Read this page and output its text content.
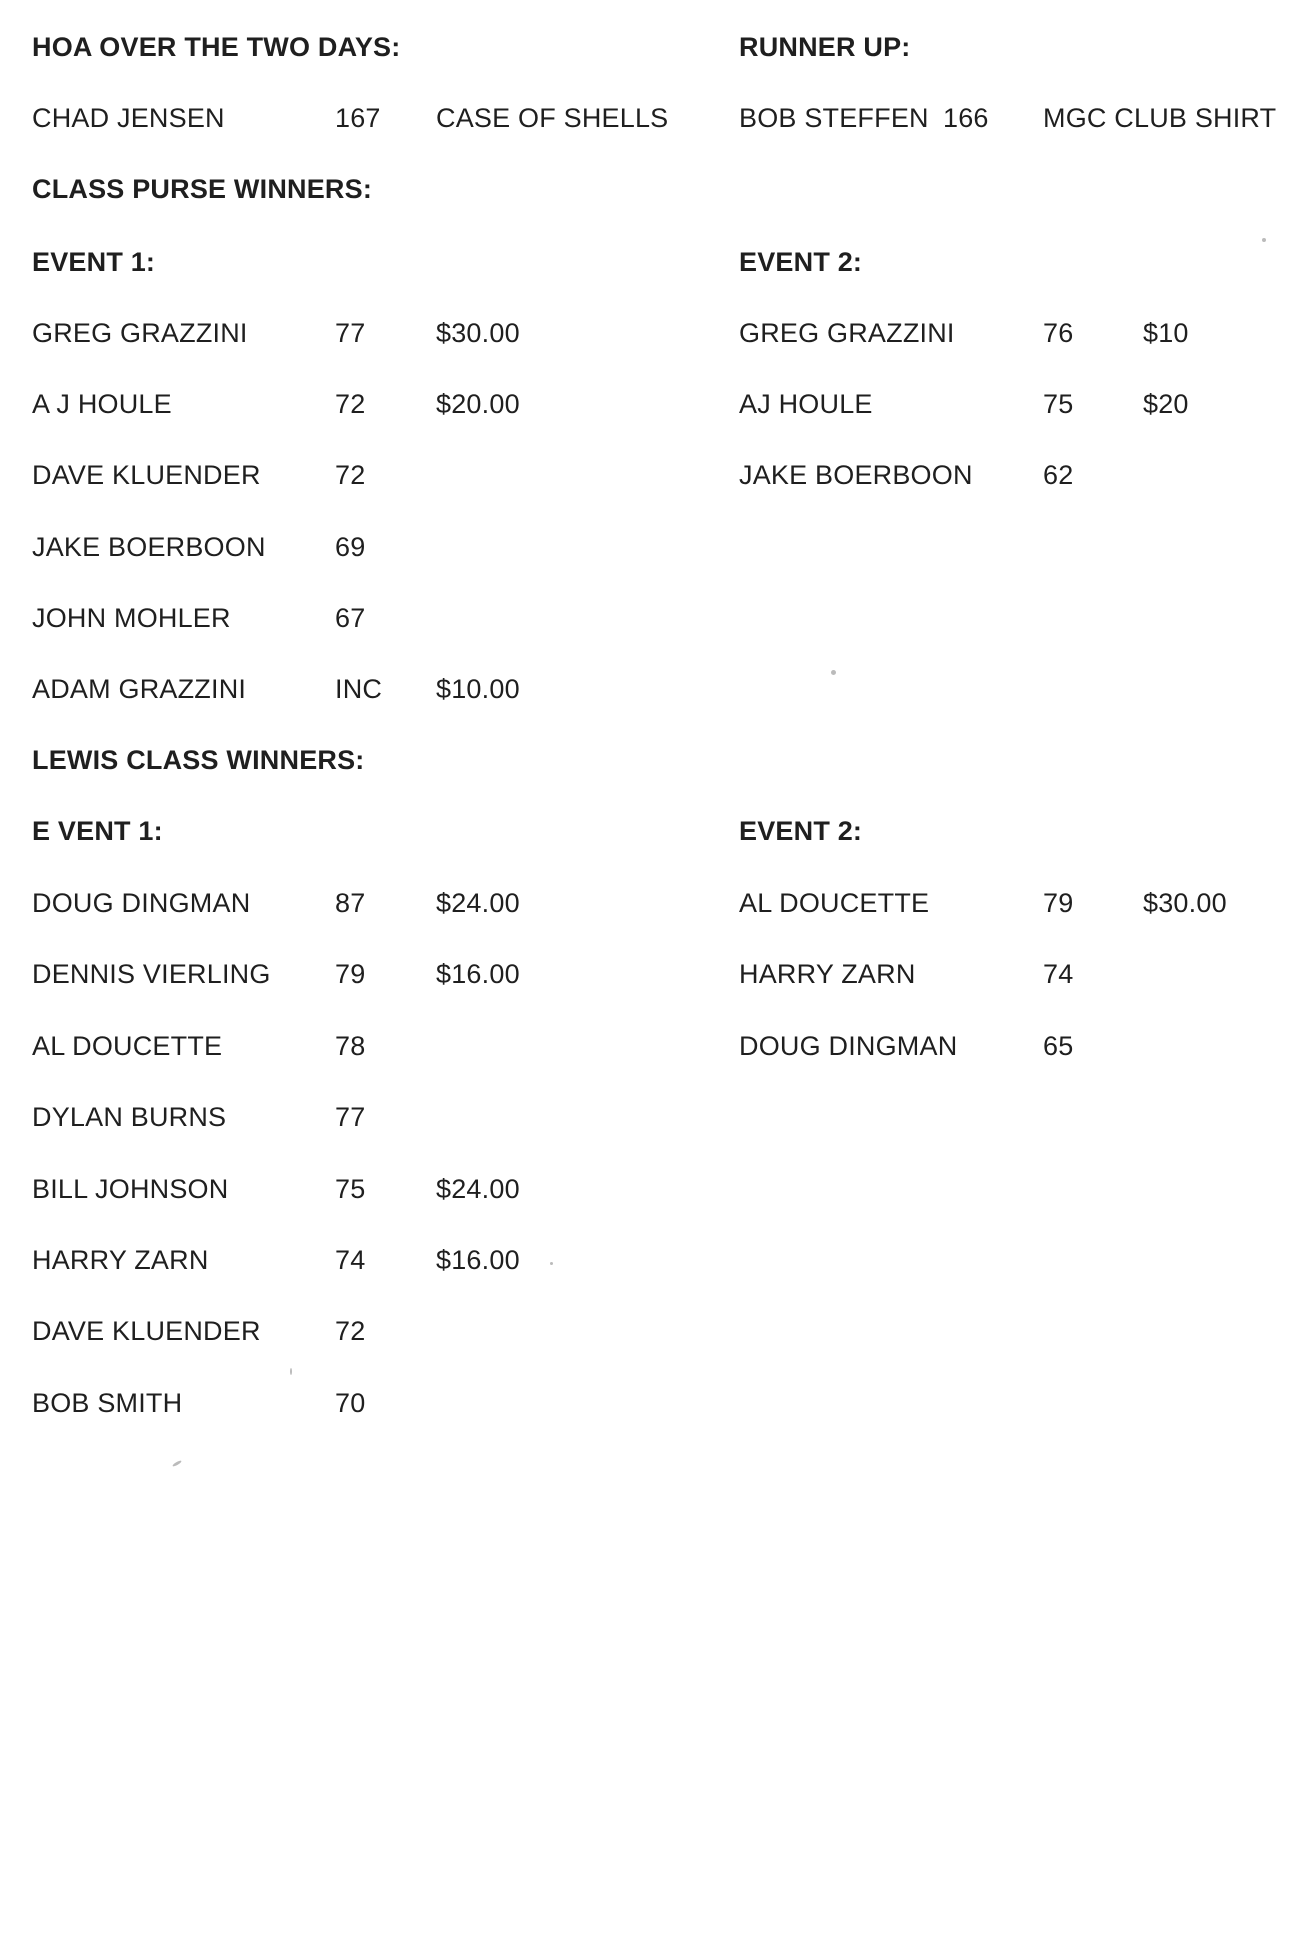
HOA OVER THE TWO DAYS:
CHAD JENSEN	167 CASE OF SHELLS
RUNNER UP:
BOB STEFFEN 166 MGC CLUB SHIRT
CLASS PURSE WINNERS:
EVENT 1:	EVENT 2:
GREG GRAZZINI	77	$30.00
A J HOULE	72	$20.00
DAVE KLUENDER	72
JAKE BOERBOON	69
JOHN MOHLER	67
ADAM GRAZZINI	INC $10.00
GREG GRAZZINI	76	$10
AJ HOULE	75	$20
JAKE BOERBOON	62
LEWIS CLASS WINNERS:
E VENT 1:	EVENT 2:
DOUG DINGMAN	87	$24.00
DENNIS VIERLING 79	$16.00
AL DOUCETTE	78
DYLAN BURNS	77
BILL JOHNSON	75	$24.00
HARRY ZARN	74	$16.00
DAVE KLUENDER	72
BOB SMITH	70
AL DOUCETTE	79	$30.00
HARRY ZARN	74
DOUG DINGMAN	65
